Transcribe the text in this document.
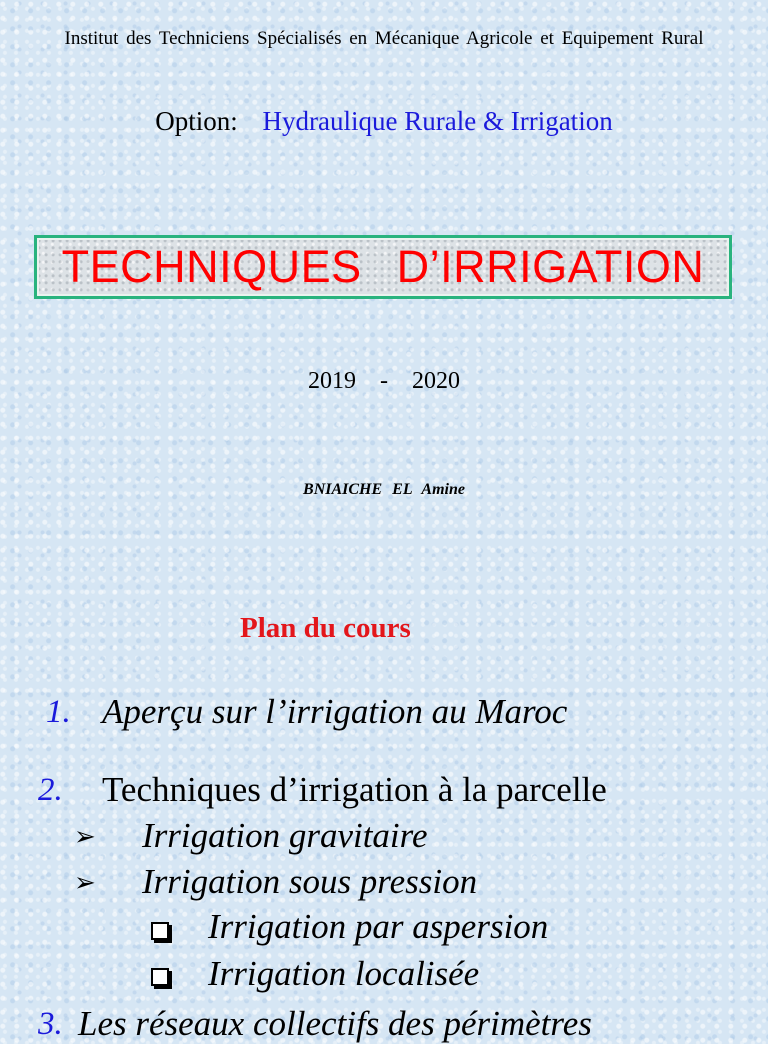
Institut des Techniciens Spécialisés en Mécanique Agricole et Equipement Rural
Option: Hydraulique Rurale & Irrigation
TECHNIQUES D’IRRIGATION
2019 - 2020
BNIAICHE EL Amine
Plan du cours
1. Aperçu sur l’irrigation au Maroc
2. Techniques d’irrigation à la parcelle
➢ Irrigation gravitaire
➢ Irrigation sous pression
Irrigation par aspersion
Irrigation localisée
3. Les réseaux collectifs des périmètres
